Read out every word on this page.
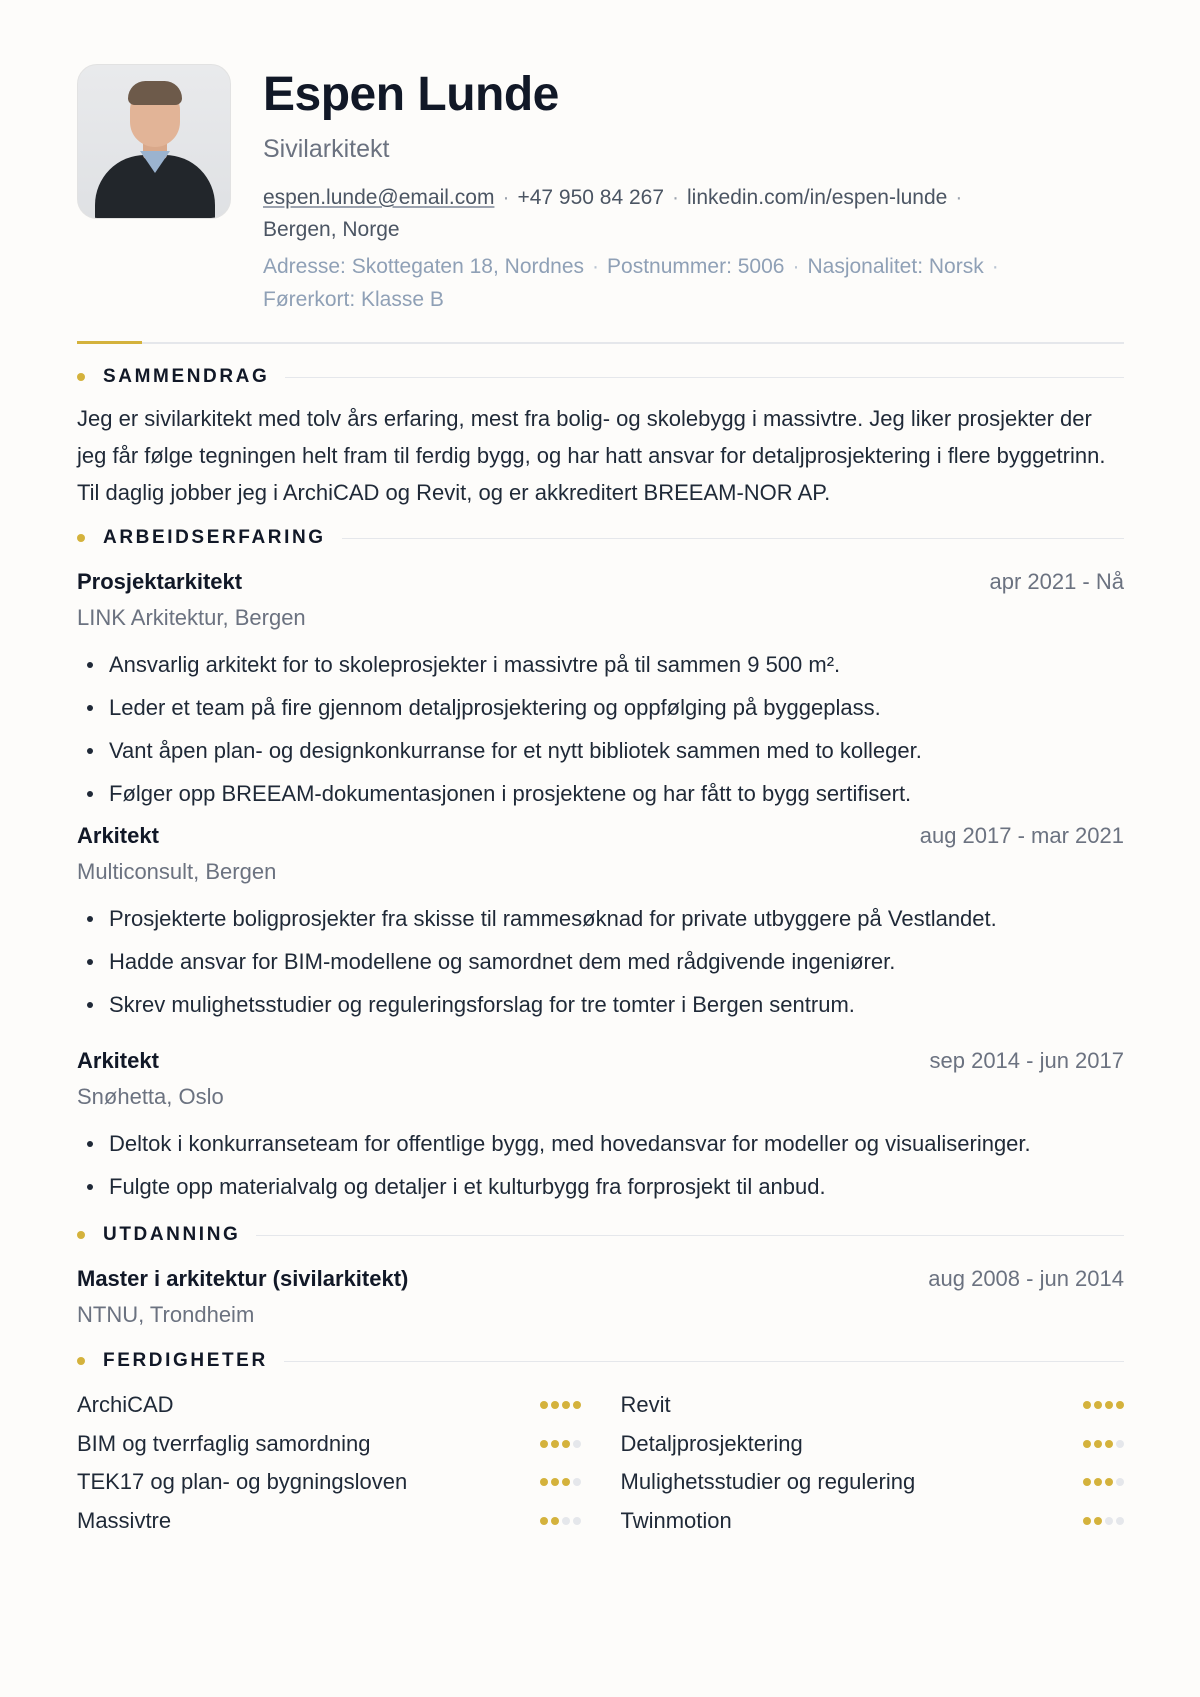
Espen Lunde
Sivilarkitekt
espen.lunde@email.com · +47 950 84 267 · linkedin.com/in/espen-lunde ·
Bergen, Norge
Adresse: Skottegaten 18, Nordnes · Postnummer: 5006 · Nasjonalitet: Norsk ·
Førerkort: Klasse B
SAMMENDRAG

Jeg er sivilarkitekt med tolv års erfaring, mest fra bolig- og skolebygg i massivtre. Jeg liker prosjekter der jeg får følge tegningen helt fram til ferdig bygg, og har hatt ansvar for detaljprosjektering i flere byggetrinn. Til daglig jobber jeg i ArchiCAD og Revit, og er akkreditert BREEAM-NOR AP.

ARBEIDSERFARING
Prosjektarkitekt	apr 2021 - Nå
LINK Arkitektur, Bergen
Ansvarlig arkitekt for to skoleprosjekter i massivtre på til sammen 9 500 m².
Leder et team på fire gjennom detaljprosjektering og oppfølging på byggeplass.
Vant åpen plan- og designkonkurranse for et nytt bibliotek sammen med to kolleger.
Følger opp BREEAM-dokumentasjonen i prosjektene og har fått to bygg sertifisert.
Arkitekt	aug 2017 - mar 2021
Multiconsult, Bergen
Prosjekterte boligprosjekter fra skisse til rammesøknad for private utbyggere på Vestlandet.
Hadde ansvar for BIM-modellene og samordnet dem med rådgivende ingeniører.
Skrev mulighetsstudier og reguleringsforslag for tre tomter i Bergen sentrum.
Arkitekt	sep 2014 - jun 2017
Snøhetta, Oslo
Deltok i konkurranseteam for offentlige bygg, med hovedansvar for modeller og visualiseringer.
Fulgte opp materialvalg og detaljer i et kulturbygg fra forprosjekt til anbud.
UTDANNING
Master i arkitektur (sivilarkitekt)	aug 2008 - jun 2014
NTNU, Trondheim
FERDIGHETER
ArchiCAD	Revit
BIM og tverrfaglig samordning	Detaljprosjektering
TEK17 og plan- og bygningsloven	Mulighetsstudier og regulering
Massivtre	Twinmotion
